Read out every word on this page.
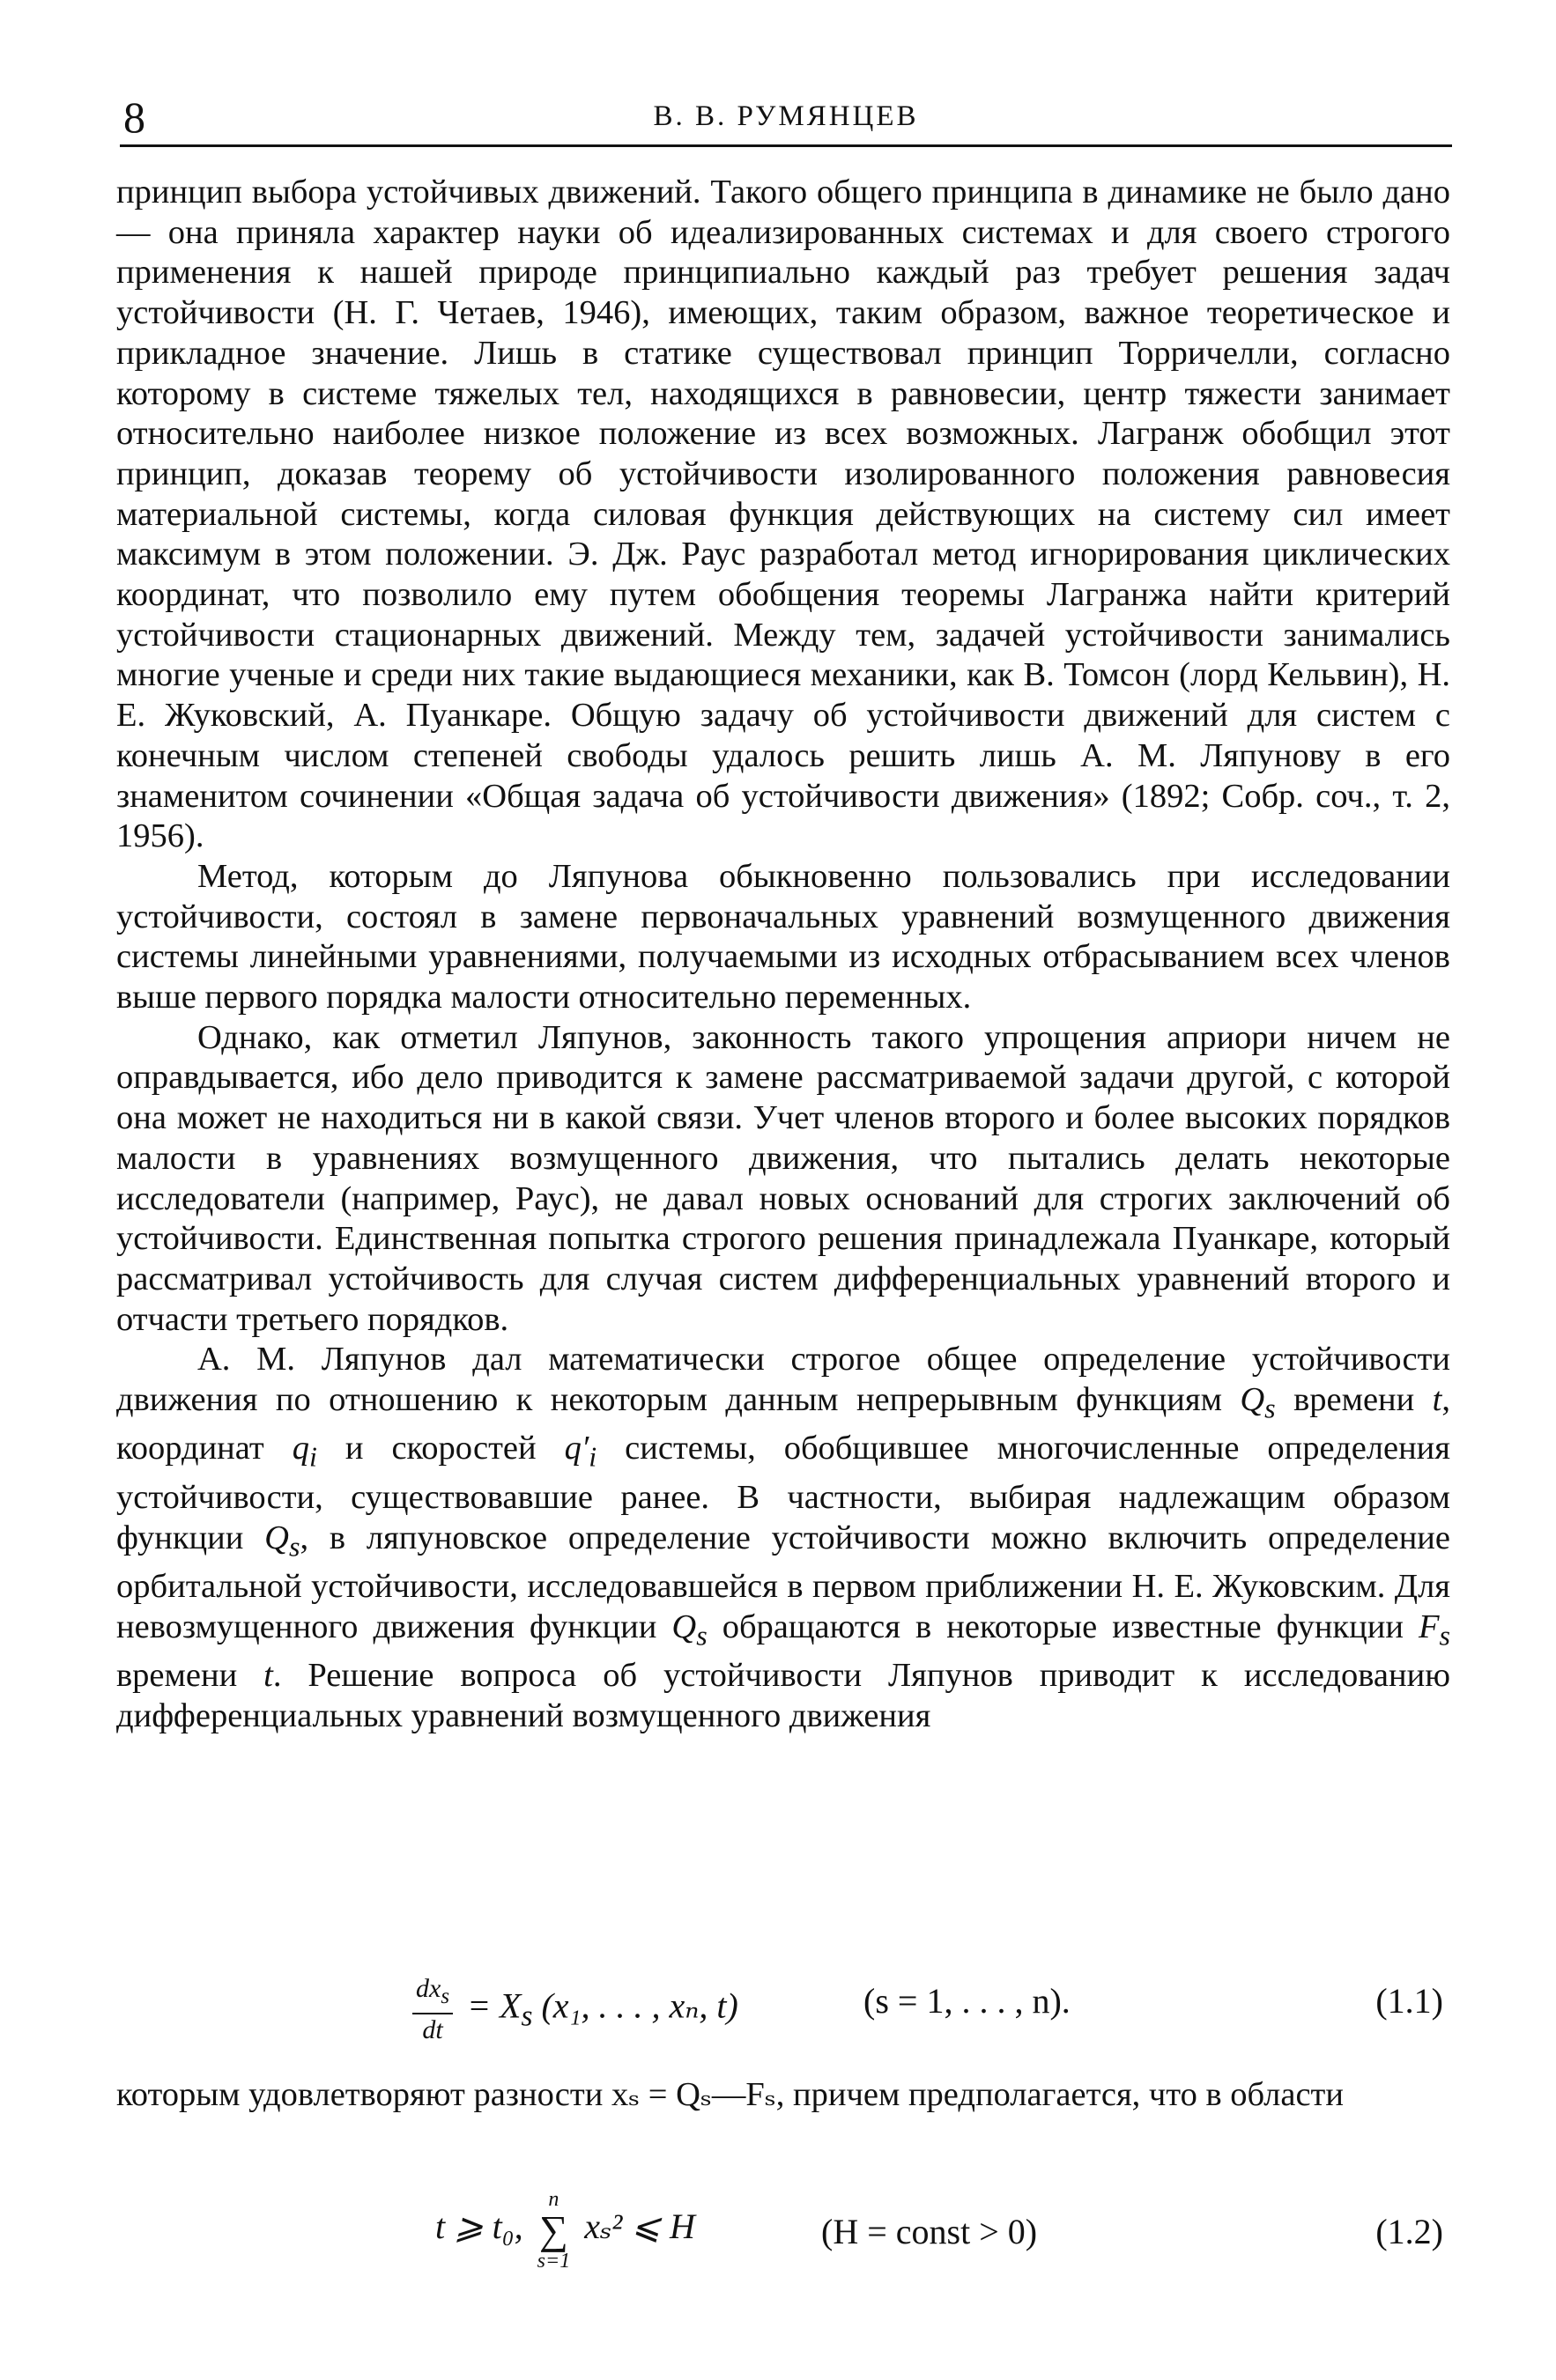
8	В. В. РУМЯНЦЕВ

принцип выбора устойчивых движений. Такого общего принципа в динамике не было дано — она приняла характер науки об идеализированных системах и для своего строгого применения к нашей природе принципиально каждый раз требует решения задач устойчивости (Н. Г. Четаев, 1946), имеющих, таким образом, важное теоретическое и прикладное значение. Лишь в статике существовал принцип Торричелли, согласно которому в системе тяжелых тел, находящихся в равновесии, центр тяжести занимает относительно наиболее низкое положение из всех возможных. Лагранж обобщил этот принцип, доказав теорему об устойчивости изолированного положения равновесия материальной системы, когда силовая функция действующих на систему сил имеет максимум в этом положении. Э. Дж. Раус разработал метод игнорирования циклических координат, что позволило ему путем обобщения теоремы Лагранжа найти критерий устойчивости стационарных движений. Между тем, задачей устойчивости занимались многие ученые и среди них такие выдающиеся механики, как В. Томсон (лорд Кельвин), Н. Е. Жуковский, А. Пуанкаре. Общую задачу об устойчивости движений для систем с конечным числом степеней свободы удалось решить лишь А. М. Ляпунову в его знаменитом сочинении «Общая задача об устойчивости движения» (1892; Собр. соч., т. 2, 1956).

Метод, которым до Ляпунова обыкновенно пользовались при исследовании устойчивости, состоял в замене первоначальных уравнений возмущенного движения системы линейными уравнениями, получаемыми из исходных отбрасыванием всех членов выше первого порядка малости относительно переменных.

Однако, как отметил Ляпунов, законность такого упрощения априори ничем не оправдывается, ибо дело приводится к замене рассматриваемой задачи другой, с которой она может не находиться ни в какой связи. Учет членов второго и более высоких порядков малости в уравнениях возмущенного движения, что пытались делать некоторые исследователи (например, Раус), не давал новых оснований для строгих заключений об устойчивости. Единственная попытка строгого решения принадлежала Пуанкаре, который рассматривал устойчивость для случая систем дифференциальных уравнений второго и отчасти третьего порядков.

А. М. Ляпунов дал математически строгое общее определение устойчивости движения по отношению к некоторым данным непрерывным функциям $Q_s$ времени t, координат $q_i$ и скоростей $q'_i$ системы, обобщившее многочисленные определения устойчивости, существовавшие ранее. В частности, выбирая надлежащим образом функции $Q_s$, в ляпуновское определение устойчивости можно включить определение орбитальной устойчивости, исследовавшейся в первом приближении Н. Е. Жуковским. Для невозмущенного движения функции $Q_s$ обращаются в некоторые известные функции $F_s$ времени t. Решение вопроса об устойчивости Ляпунов приводит к исследованию дифференциальных уравнений возмущенного движения

$\frac{dx_s}{dt} = X_s$ (x₁, . . . , xₙ, t)	(s = 1, . . . , n).	(1.1)

которым удовлетворяют разности xₛ = Qₛ—Fₛ, причем предполагается, что в области

t ⩾ t₀,
n
∑
s=1
xₛ² ⩽ H	(H = const > 0)	(1.2)
